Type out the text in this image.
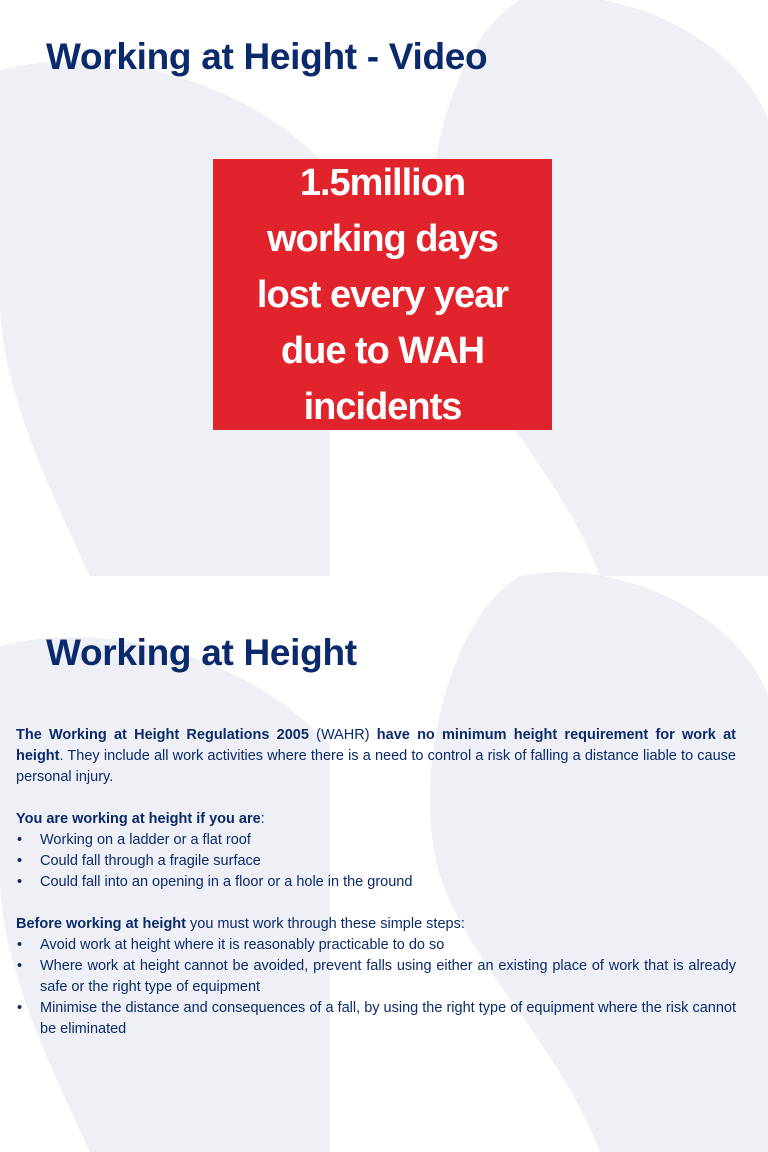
Working at Height - Video
1.5million
working days
lost every year
due to WAH
incidents
Working at Height

The Working at Height Regulations 2005 (WAHR) have no minimum height requirement for work at height. They include all work activities where there is a need to control a risk of falling a distance liable to cause personal injury.

You are working at height if you are:

• Working on a ladder or a flat roof
• Could fall through a fragile surface
• Could fall into an opening in a floor or a hole in the ground

Before working at height you must work through these simple steps:

• Avoid work at height where it is reasonably practicable to do so
• Where work at height cannot be avoided, prevent falls using either an existing place of work that is already safe or the right type of equipment
• Minimise the distance and consequences of a fall, by using the right type of equipment where the risk cannot be eliminated
